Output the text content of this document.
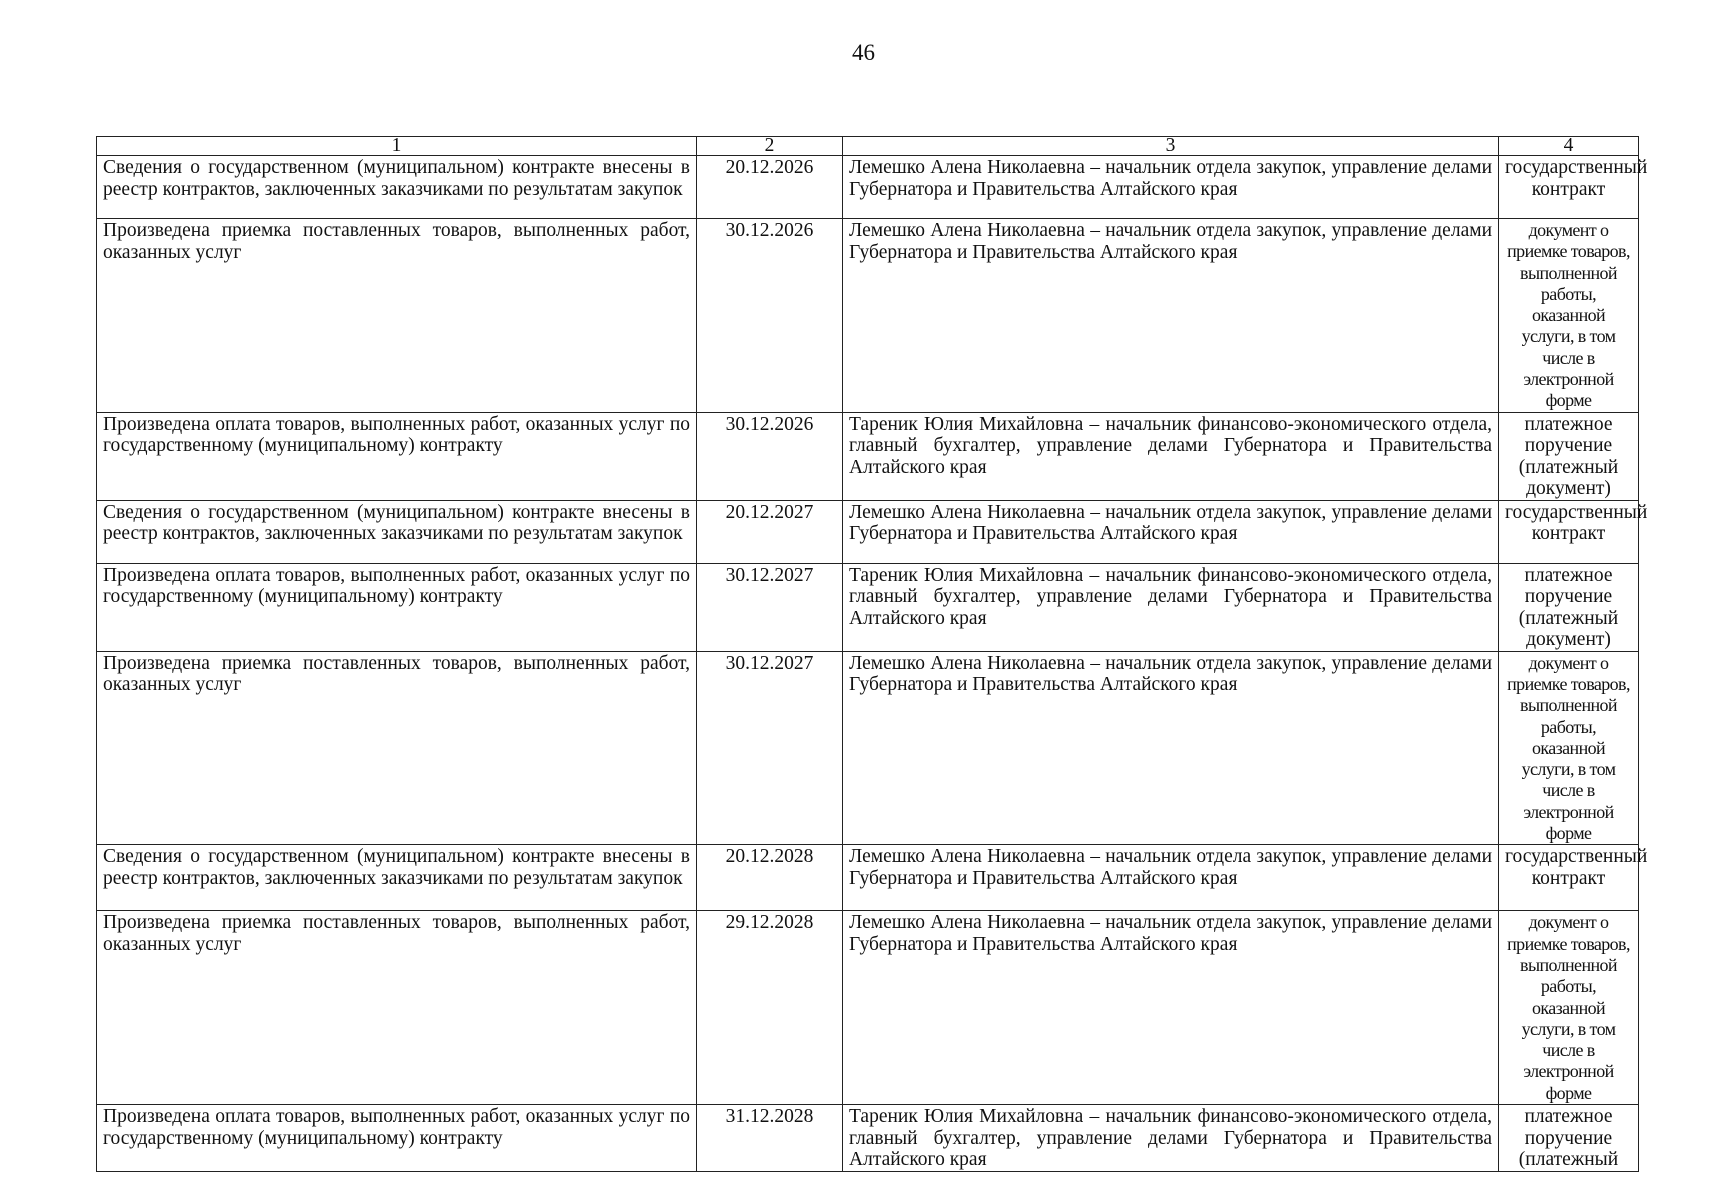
46
1	2	3	4
Сведения о государственном (муниципальном) контракте внесены в реестр контрактов, заключенных заказчиками по результатам закупок	20.12.2026	Лемешко Алена Николаевна – начальник отдела закупок, управление делами Губернатора и Правительства Алтайского края	государственный контракт

Произведена приемка поставленных товаров, выполненных работ, оказанных услуг	30.12.2026	Лемешко Алена Николаевна – начальник отдела закупок, управление делами Губернатора и Правительства Алтайского края	документ о приемке товаров, выполненной работы, оказанной услуги, в том числе в электронной форме

Произведена оплата товаров, выполненных работ, оказанных услуг по государственному (муниципальному) контракту	30.12.2026	Тареник Юлия Михайловна – начальник финансово-экономического отдела, главный бухгалтер, управление делами Губернатора и Правительства Алтайского края	платежное поручение (платежный документ)

Сведения о государственном (муниципальном) контракте внесены в реестр контрактов, заключенных заказчиками по результатам закупок	20.12.2027	Лемешко Алена Николаевна – начальник отдела закупок, управление делами Губернатора и Правительства Алтайского края	государственный контракт

Произведена оплата товаров, выполненных работ, оказанных услуг по государственному (муниципальному) контракту	30.12.2027	Тареник Юлия Михайловна – начальник финансово-экономического отдела, главный бухгалтер, управление делами Губернатора и Правительства Алтайского края	платежное поручение (платежный документ)

Произведена приемка поставленных товаров, выполненных работ, оказанных услуг	30.12.2027	Лемешко Алена Николаевна – начальник отдела закупок, управление делами Губернатора и Правительства Алтайского края	документ о приемке товаров, выполненной работы, оказанной услуги, в том числе в электронной форме

Сведения о государственном (муниципальном) контракте внесены в реестр контрактов, заключенных заказчиками по результатам закупок	20.12.2028	Лемешко Алена Николаевна – начальник отдела закупок, управление делами Губернатора и Правительства Алтайского края	государственный контракт

Произведена приемка поставленных товаров, выполненных работ, оказанных услуг	29.12.2028	Лемешко Алена Николаевна – начальник отдела закупок, управление делами Губернатора и Правительства Алтайского края	документ о приемке товаров, выполненной работы, оказанной услуги, в том числе в электронной форме

Произведена оплата товаров, выполненных работ, оказанных услуг по государственному (муниципальному) контракту	31.12.2028	Тареник Юлия Михайловна – начальник финансово-экономического отдела, главный бухгалтер, управление делами Губернатора и Правительства Алтайского края	платежное поручение (платежный
